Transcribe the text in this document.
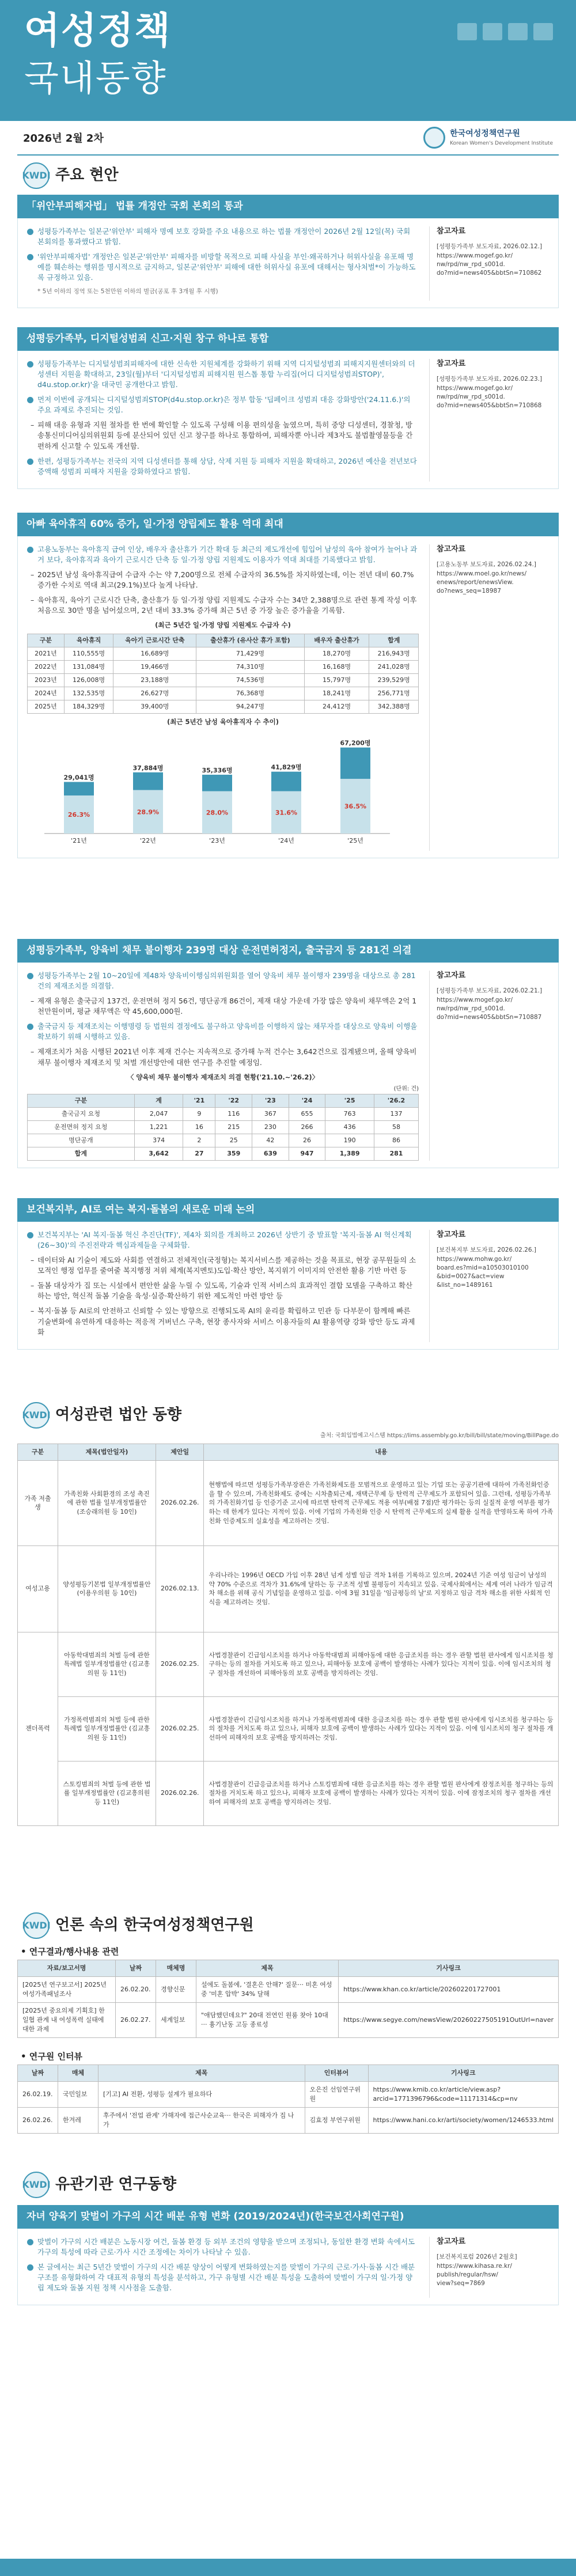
여성정책
국내동향
2026년 2월 2차	한국여성정책연구원
Korean Women's Development Institute
KWDI 주요 현안
「위안부피해자법」 법률 개정안 국회 본회의 통과

성평등가족부는 일본군'위안부' 피해자 명예 보호 강화를 주요 내용으로 하는 법률 개정안이 2026년 2월 12일(목) 국회 본회의를 통과했다고 밝힘.

'위안부피해자법' 개정안은 일본군'위안부' 피해자를 비방할 목적으로 피해 사실을 부인·왜곡하거나 허위사실을 유포해 명예를 훼손하는 행위를 명시적으로 금지하고, 일본군'위안부' 피해에 대한 허위사실 유포에 대해서는 형사처벌*이 가능하도록 규정하고 있음.

* 5년 이하의 징역 또는 5천만원 이하의 벌금(공포 후 3개월 후 시행)

참고자료
[성평등가족부 보도자료, 2026.02.12.]
https://www.mogef.go.kr/
nw/rpd/nw_rpd_s001d.
do?mid=news405&bbtSn=710862
성평등가족부, 디지털성범죄 신고·지원 창구 하나로 통합

성평등가족부는 디지털성범죄피해자에 대한 신속한 지원체계를 강화하기 위해 지역 디지털성범죄 피해지지원센터와의 더성센터 지원을 확대하고, 23일(월)부터 '디지털성범죄 피해지원 원스톱 통합 누리집(어디 디지털성범죄STOP)', d4u.stop.or.kr)'을 대국민 공개한다고 밝힘.

먼저 이번에 공개되는 디지털성범죄STOP(d4u.stop.or.kr)은 정부 합동 '딥페이크 성범죄 대응 강화방안('24.11.6.)'의 주요 과제로 추진되는 것임.

– 피해 대응 유형과 지원 절차를 한 번에 확인할 수 있도록 구성해 이용 편의성을 높였으며, 특히 중앙 디성센터, 경찰청, 방송통신미디어심의위원회 등에 분산되어 있던 신고 창구를 하나로 통합하여, 피해자뿐 아니라 제3자도 불법촬영물등을 간편하게 신고할 수 있도록 개선함.

한편, 성평등가족부는 전국의 지역 디성센터를 통해 상담, 삭제 지원 등 피해자 지원을 확대하고, 2026년 예산을 전년보다 증액해 성범죄 피해자 지원을 강화하였다고 밝힘.

참고자료
[성평등가족부 보도자료, 2026.02.23.]
https://www.mogef.go.kr/
nw/rpd/nw_rpd_s001d.
do?mid=news405&bbtSn=710868
아빠 육아휴직 60% 증가, 일·가정 양립제도 활용 역대 최대

고용노동부는 육아휴직 급여 인상, 배우자 출산휴가 기간 확대 등 최근의 제도개선에 힘입어 남성의 육아 참여가 늘어나 과거 보다, 육아휴직과 육아기 근로시간 단축 등 일·가정 양립 지원제도 이용자가 역대 최대를 기록했다고 밝힘.

– 2025년 남성 육아휴직급여 수급자 수는 약 7,200명으로 전체 수급자의 36.5%를 차지하였는데, 이는 전년 대비 60.7% 증가한 수치로 역대 최고(29.1%)보다 높게 나타남.

– 육아휴직, 육아기 근로시간 단축, 출산휴가 등 일·가정 양립 지원제도 수급자 수는 34만 2,388명으로 관련 통계 작성 이후 처음으로 30만 명을 넘어섰으며, 2년 대비 33.3% 증가해 최근 5년 중 가장 높은 증가율을 기록함.

(최근 5년간 일·가정 양립 지원제도 수급자 수)
구분	육아휴직	육아기 근로시간 단축	출산휴가 (유사산 휴가 포함)	배우자 출산휴가	합계
2021년	110,555명	16,689명	71,429명	18,270명	216,943명
2022년	131,084명	19,466명	74,310명	16,168명	241,028명
2023년	126,008명	23,188명	74,536명	15,797명	239,529명
2024년	132,535명	26,627명	76,368명	18,241명	256,771명
2025년	184,329명	39,400명	94,247명	24,412명	342,388명
(최근 5년간 남성 육아휴직자 수 추이)
29,041명
26.3%
'21년
37,884명
28.9%
'22년
35,336명
28.0%
'23년
41,829명
31.6%
'24년
67,200명
36.5%
'25년
참고자료
[고용노동부 보도자료, 2026.02.24.]
https://www.moel.go.kr/news/
enews/report/enewsView.
do?news_seq=18987
성평등가족부, 양육비 채무 불이행자 239명 대상 운전면허정지, 출국금지 등 281건 의결

성평등가족부는 2월 10~20일에 제48차 양육비이행심의위원회를 열어 양육비 채무 불이행자 239명을 대상으로 총 281건의 제재조치를 의결함.

– 제재 유형은 출국금지 137건, 운전면허 정지 56건, 명단공개 86건이, 제재 대상 가운데 가장 많은 양육비 채무액은 2억 1천만원이며, 평균 채무액은 약 45,600,000원.

출국금지 등 제재조치는 이행명령 등 법원의 결정에도 불구하고 양육비를 이행하지 않는 채무자를 대상으로 양육비 이행을 확보하기 위해 시행하고 있음.

– 제재조치가 처음 시행된 2021년 이후 제재 건수는 지속적으로 증가해 누적 건수는 3,642건으로 집계됐으며, 올해 양육비 채무 불이행자 제재조치 및 처벌 개선방안에 대한 연구를 추진할 예정임.

〈 양육비 채무 불이행자 제재조치 의결 현황('21.10.~'26.2)〉
(단위: 건)
구분	계	'21	'22	'23	'24	'25	'26.2
출국금지 요청	2,047	9	116	367	655	763	137
운전면허 정지 요청	1,221	16	215	230	266	436	58
명단공개	374	2	25	42	26	190	86
합계	3,642	27	359	639	947	1,389	281
참고자료
[성평등가족부 보도자료, 2026.02.21.]
https://www.mogef.go.kr/
nw/rpd/nw_rpd_s001d.
do?mid=news405&bbtSn=710887
보건복지부, AI로 여는 복지·돌봄의 새로운 미래 논의

보건복지부는 'AI 복지·돌봄 혁신 추진단(TF)', 제4차 회의를 개최하고 2026년 상반기 중 발표할 '복지·돌봄 AI 혁신계획(26~30)'의 주진전략과 핵심과제들을 구체화함.

– 데이터와 AI 기술이 제도와 사회를 연결하고 전체적인(국정형)는 복지서비스를 제공하는 것을 목표로, 현장 공무원들의 소모적인 행정 업무를 줄여줄 복지행정 저위 체계(복지멘토)도입·확산 방안, 복지위기 이미지의 안전한 활용 기반 마련 등

– 돌봄 대상자가 집 또는 시설에서 편안한 삶을 누릴 수 있도록, 기술과 인적 서비스의 효과적인 결합 모델을 구축하고 확산하는 방안, 혁신적 돌봄 기술을 육성·실증·확산하기 위한 제도적인 마련 방안 등

– 복지·돌봄 등 AI로의 안전하고 신뢰할 수 있는 방향으로 진행되도록 AI의 윤리를 확립하고 민관 등 다부문이 함께해 빠른 기술변화에 유연하게 대응하는 적응적 거버넌스 구축, 현장 종사자와 서비스 이용자들의 AI 활용역량 강화 방안 등도 과제화

참고자료
[보건복지부 보도자료, 2026.02.26.]
https://www.mohw.go.kr/
board.es?mid=a10503010100
&bid=0027&act=view
&list_no=1489161
KWDI 여성관련 법안 동향
출처: 국회입법예고시스템 https://lims.assembly.go.kr/bill/bill/state/moving/BillPage.do
구분	제목(법안일자)	제안일	내용
가족 저출생	가족친화 사회환경의 조성 촉진에 관한 법률 일부개정법률안 (조승래의원 등 10인)	2026.02.26.	현행법에 따르면 성평등가족부장관은 가족친화제도를 모범적으로 운영하고 있는 기업 또는 공공기관에 대하여 가족친화인증을 할 수 있으며, 가족친화제도 중에는 시차출퇴근제, 재택근무제 등 탄력적 근무제도가 포함되어 있음. 그런데, 성평등가족부의 가족친화기업 등 인증기준 고시에 따르면 탄력적 근무제도 적용 여부(배점 7점)만 평가하는 등의 실질적 운영 여부를 평가하는 데 한계가 있다는 지적이 있음. 이에 기업의 가족친화 인증 시 탄력적 근무제도의 실제 활용 실적을 반영하도록 하여 가족친화 인증제도의 실효성을 제고하려는 것임.
여성고용	양성평등기본법 일부개정법률안 (이용우의원 등 10인)	2026.02.13.	우리나라는 1996년 OECD 가입 이후 28년 넘게 성별 임금 격차 1위를 기록하고 있으며, 2024년 기준 여성 임금이 남성의 약 70% 수준으로 격차가 31.6%에 달하는 등 구조적 성별 불평등이 지속되고 있음. 국제사회에서는 세계 여러 나라가 임금격차 해소를 위해 공식 기념일을 운영하고 있음. 이에 3월 31일을 '임금평등의 날'로 지정하고 임금 격차 해소를 위한 사회적 인식을 제고하려는 것임.
젠더폭력	아동학대범죄의 처벌 등에 관한 특례법 일부개정법률안 (김교흥의원 등 11인)	2026.02.25.	사법경찰관이 긴급임시조치를 하거나 아동학대범죄 피해아동에 대한 응급조치를 하는 경우 관할 법원 판사에게 임시조치를 청구하는 등의 절차를 거치도록 하고 있으나, 피해아동 보호에 공백이 발생하는 사례가 있다는 지적이 있음. 이에 임시조치의 청구 절차를 개선하여 피해아동의 보호 공백을 방지하려는 것임.
	가정폭력범죄의 처벌 등에 관한 특례법 일부개정법률안 (김교흥의원 등 11인)	2026.02.25.	사법경찰관이 긴급임시조치를 하거나 가정폭력범죄에 대한 응급조치를 하는 경우 관할 법원 판사에게 임시조치를 청구하는 등의 절차를 거치도록 하고 있으나, 피해자 보호에 공백이 발생하는 사례가 있다는 지적이 있음. 이에 임시조치의 청구 절차를 개선하여 피해자의 보호 공백을 방지하려는 것임.
	스토킹범죄의 처벌 등에 관한 법률 일부개정법률안 (김교흥의원 등 11인)	2026.02.26.	사법경찰관이 긴급응급조치를 하거나 스토킹범죄에 대한 응급조치를 하는 경우 관할 법원 판사에게 잠정조치를 청구하는 등의 절차를 거치도록 하고 있으나, 피해자 보호에 공백이 발생하는 사례가 있다는 지적이 있음. 이에 잠정조치의 청구 절차를 개선하여 피해자의 보호 공백을 방지하려는 것임.
KWDI 언론 속의 한국여성정책연구원
• 연구결과/행사내용 관련
자료/보고서명	날짜	매체명	제목	기사링크
[2025년 연구보고서] 2025년 여성가족패널조사	26.02.20.	경향신문	설에도 돌봄에, '결혼은 안해?' 질문··· 미혼 여성 중 '미혼 압박' 34% 달해	https://www.khan.co.kr/article/202602201727001
[2025년 중요의제 기획호] 한일협 관계 내 여성폭력 실태에 대한 과제	26.02.27.	세계일보	"애담했던데요?" 20대 전연인 원룸 찾아 10대··· 흉기난동 고등 종료성	https://www.segye.com/newsView/20260227505191OutUrl=naver
• 연구원 인터뷰
날짜	매체	제목	인터뷰어	기사링크
26.02.19.	국민일보	[기고] AI 전환, 성평등 설계가 필요하다	오은진 선임연구위원	https://www.kmib.co.kr/article/view.asp?arcid=1771396796&code=11171314&cp=nv
26.02.26.	한겨레	후주에서 '전업 관계' 가해자에 접근사순교육··· 한국은 피해자가 집 나가	김효정 부연구위원	https://www.hani.co.kr/arti/society/women/1246533.html
KWDI 유관기관 연구동향
자녀 양육기 맞벌이 가구의 시간 배분 유형 변화 (2019/2024년)(한국보건사회연구원)

맞벌이 가구의 시간 배분은 노동시장 여건, 돌봄 환경 등 외부 조건의 영향을 받으며 조정되나, 동일한 환경 변화 속에서도 가구의 특성에 따라 근로·가사 시간 조정에는 차이가 나타날 수 있음.

본 글에서는 최근 5년간 맞벌이 가구의 시간 배분 양상이 어떻게 변화하였는지를 맞벌이 가구의 근로·가사·돌봄 시간 배분 구조를 유형화하여 각 대표적 유형의 특성을 분석하고, 가구 유형별 시간 배분 특성을 도출하여 맞벌이 가구의 일·가정 양립 제도와 돌봄 지원 정책 시사점을 도출함.

참고자료
[보건복지포럼 2026년 2월호]
https://www.kihasa.re.kr/
publish/regular/hsw/
view?seq=7869
